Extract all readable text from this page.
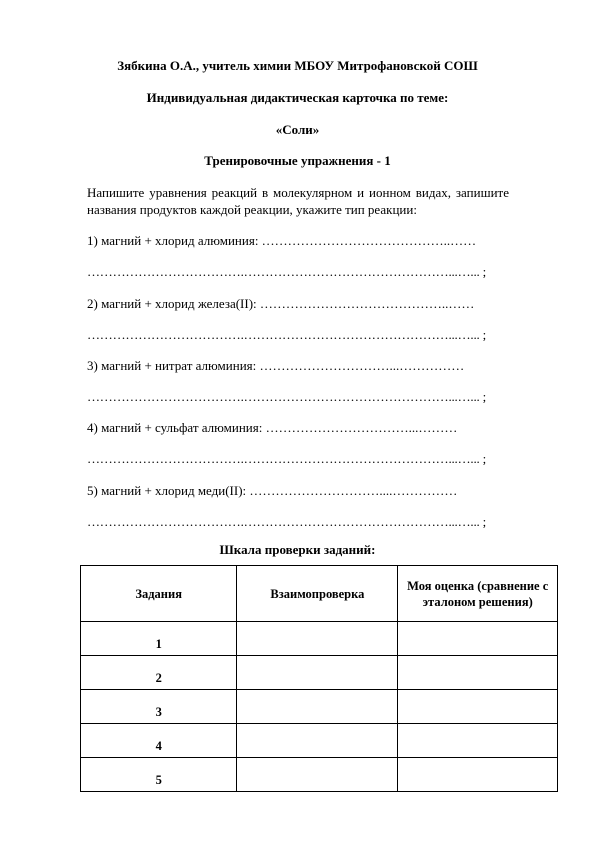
Зябкина О.А., учитель химии МБОУ Митрофановской СОШ
Индивидуальная дидактическая карточка по теме:
«Соли»
Тренировочные упражнения - 1
Напишите уравнения реакций в молекулярном и ионном видах, запишите названия продуктов каждой реакции, укажите тип реакции:
1) магний + хлорид алюминия: ……………………………………..……
……………………………….…………………………………………...…... ;
2) магний + хлорид железа(II): ……………………………………..……
……………………………….…………………………………………...…... ;
3) магний + нитрат алюминия: …………………………...……………
……………………………….…………………………………………...…... ;
4) магний + сульфат алюминия: ……………………………...………
……………………………….…………………………………………...…... ;
5) магний + хлорид меди(II): …………………………....……………
……………………………….…………………………………………...…... ;
Шкала проверки заданий:
Задания	Взаимопроверка	Моя оценка (сравнение с эталоном решения)
1		
2		
3		
4		
5		
